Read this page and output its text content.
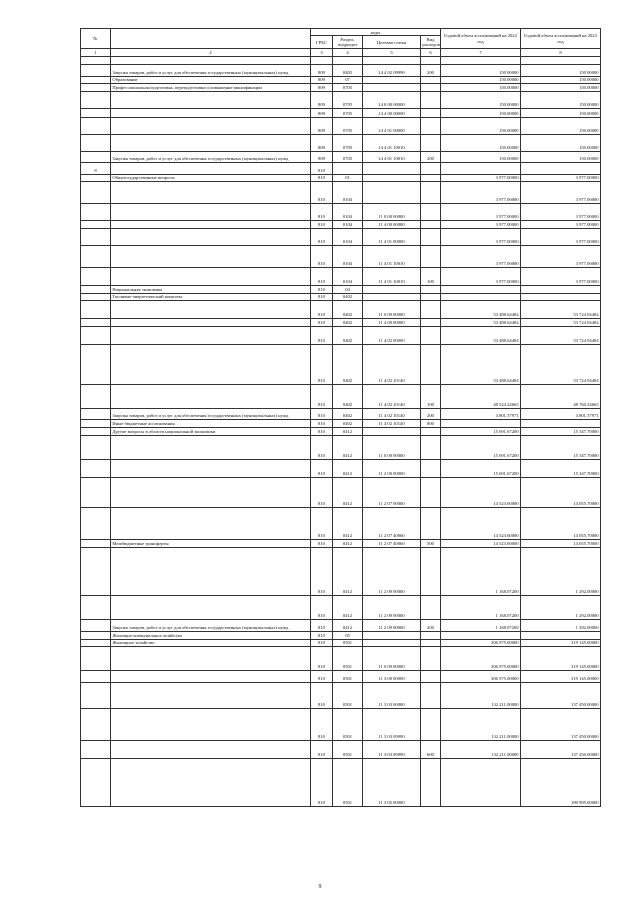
№		коды				Годовой объем ассигнований на 2022 год	Годовой объем ассигнований на 2023 год
		ГРБС	Раздел, подраздел	Целевая статья	Вид расходов		
1	2	3	4	5	6	7	8

	Закупка товаров, работ и услуг для обеспечения государственных (муниципальных) нужд	809	0405	14 4 02 09990	200	150.00000	150.00000
	Образование	809	07			150.00000	150.00000
	Профессиональная подготовка, переподготовка и повышение квалификации	809	0705			150.00000	150.00000
		809	0705	14 0 00 00000		150.00000	150.00000
		809	0705	14 4 00 00000		150.00000	150.00000
		809	0705	14 4 01 00000		150.00000	150.00000
		809	0705	14 4 01 10010		150.00000	150.00000
	Закупка товаров, работ и услуг для обеспечения государственных (муниципальных) нужд	809	0705	14 4 01 10010	200	150.00000	150.00000
8		810					
	Общегосударственные вопросы	810	01			3 977.00000	3 977.00000
		810	0104			3 977.00000	3 977.00000
		810	0104	11 0 00 00000		3 977.00000	3 977.00000
		810	0104	11 4 00 00000		3 977.00000	3 977.00000
		810	0104	11 4 01 00000		3 977.00000	3 977.00000
		810	0104	11 4 01 10010		3 977.00000	3 977.00000
		810	0104	11 4 01 10010	100	3 977.00000	3 977.00000
	Национальная экономика	810	04				
	Топливно-энергетический комплекс	810	0402				
		810	0402	11 0 00 00000		53 488.64484	53 724.94484
		810	0402	11 4 00 00000		53 488.64484	53 724.94484
		810	0402	11 4 02 00000		53 488.64484	53 724.94484
		810	0402	11 4 02 10140		53 488.64484	53 724.94484
		810	0402	11 4 02 10140	100	48 524.24665	48 760.24665
	Закупка товаров, работ и услуг для обеспечения государственных (муниципальных) нужд	810	0402	11 4 02 10140	200	4 801.57971	4 801.57971
	Иные бюджетные ассигнования	810	0402	11 4 02 10140	800		
	Другие вопросы в области национальной экономики	810	0412			15 691.67200	15 347.70000
		810	0412	11 0 00 00000		15 691.67200	15 347.70000
		810	0412	11 2 00 00000		15 691.67200	15 347.70000
		810	0412	11 2 07 00000		14 523.60000	14 055.70000
		810	0412	11 2 07 40060		14 523.60000	14 055.70000
	Межбюджетные трансферты	810	0412	11 2 07 40060	500	14 523.60000	14 055.70000
		810	0412	11 2 09 00000		1 168.07200	1 292.00000
		810	0412	11 2 09 00000		1 168.07200	1 292.00000
	Закупка товаров, работ и услуг для обеспечения государственных (муниципальных) нужд	810	0412	11 2 09 00000	200	1 168.07200	1 292.00000
	Жилищно-коммунальное хозяйство	810	05				
	Жилищное хозяйство	810	0501			306 975.00000	319 145.00000
		810	0501	11 0 00 00000		306 975.00000	319 145.00000
		810	0501	11 3 00 00000		306 975.00000	319 145.00000
		810	0501	11 3 03 00000		132 211.00000	137 450.00000
		810	0501	11 3 03 09990		132 211.00000	137 450.00000
		810	0501	11 3 03 09990	600	132 211.00000	137 450.00000
		810	0501	11 3 05 00000			180 995.00000
9
